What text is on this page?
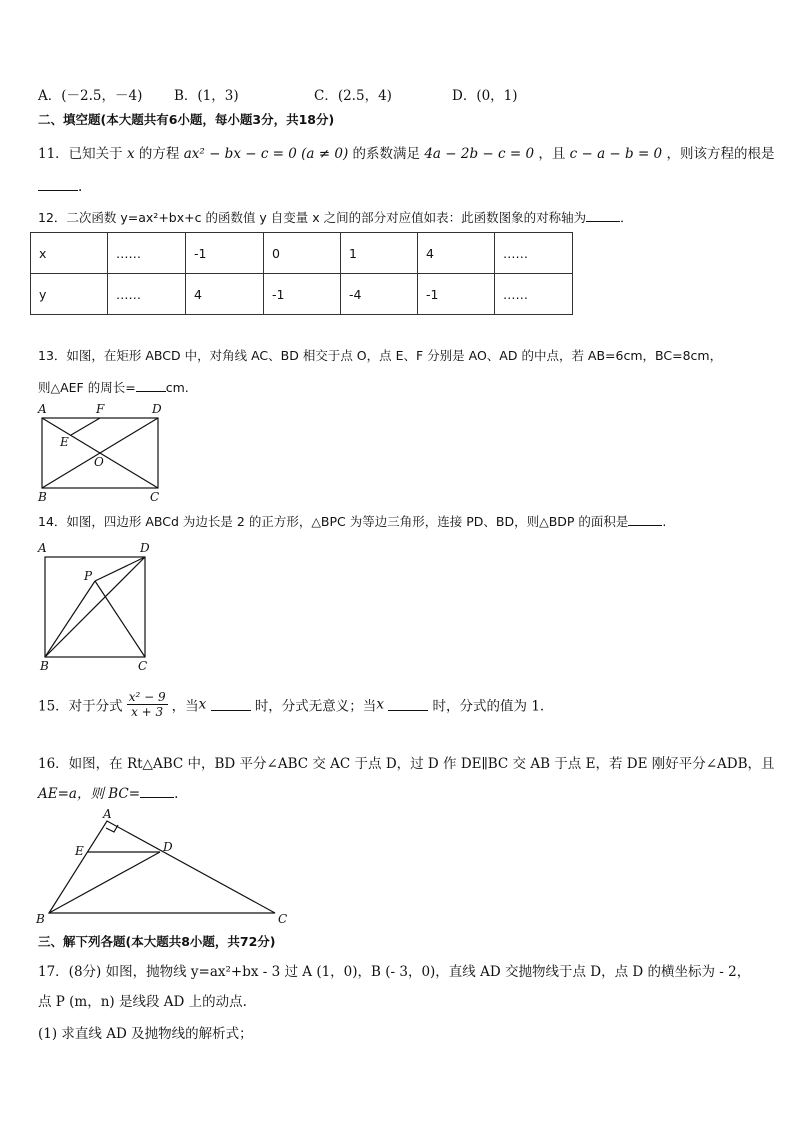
A．(－2.5，－4) B．(1，3)	C．(2.5，4)	D．(0，1)
二、填空题(本大题共有6小题，每小题3分，共18分)
11．已知关于 x 的方程 ax² − bx − c = 0 (a ≠ 0) 的系数满足 4a − 2b − c = 0 ，且 c − a − b = 0 ，则该方程的根是
.
12．二次函数 y=ax²+bx+c 的函数值 y 自变量 x 之间的部分对应值如表：此函数图象的对称轴为	．
x	……	-1	0	1	4	……
y	……	4	-1	-4	-1	……
13．如图，在矩形 ABCD 中，对角线 AC、BD 相交于点 O，点 E、F 分别是 AO、AD 的中点，若 AB=6cm，BC=8cm，
则△AEF 的周长= cm.
A	F	D
E
O
B	C
14．如图，四边形 ABCd 为边长是 2 的正方形，△BPC 为等边三角形，连接 PD、BD，则△BDP 的面积是	.
A	D
P
B	C
15．对于分式 $\frac{\text{x² − 9}}{x + 3}$ ，当x	时，分式无意义；当x	时，分式的值为 1.
16．如图，在 Rt△ABC 中，BD 平分∠ABC 交 AC 于点 D，过 D 作 DE∥BC 交 AB 于点 E，若 DE 刚好平分∠ADB，且
AE=a，则 BC=	.
A
E	D
B	C
三、解下列各题(本大题共8小题，共72分)
17．(8分) 如图，抛物线 y=ax²+bx - 3 过 A (1，0)，B (- 3，0)，直线 AD 交抛物线于点 D，点 D 的横坐标为 - 2，
点 P (m，n) 是线段 AD 上的动点.
(1) 求直线 AD 及抛物线的解析式；
